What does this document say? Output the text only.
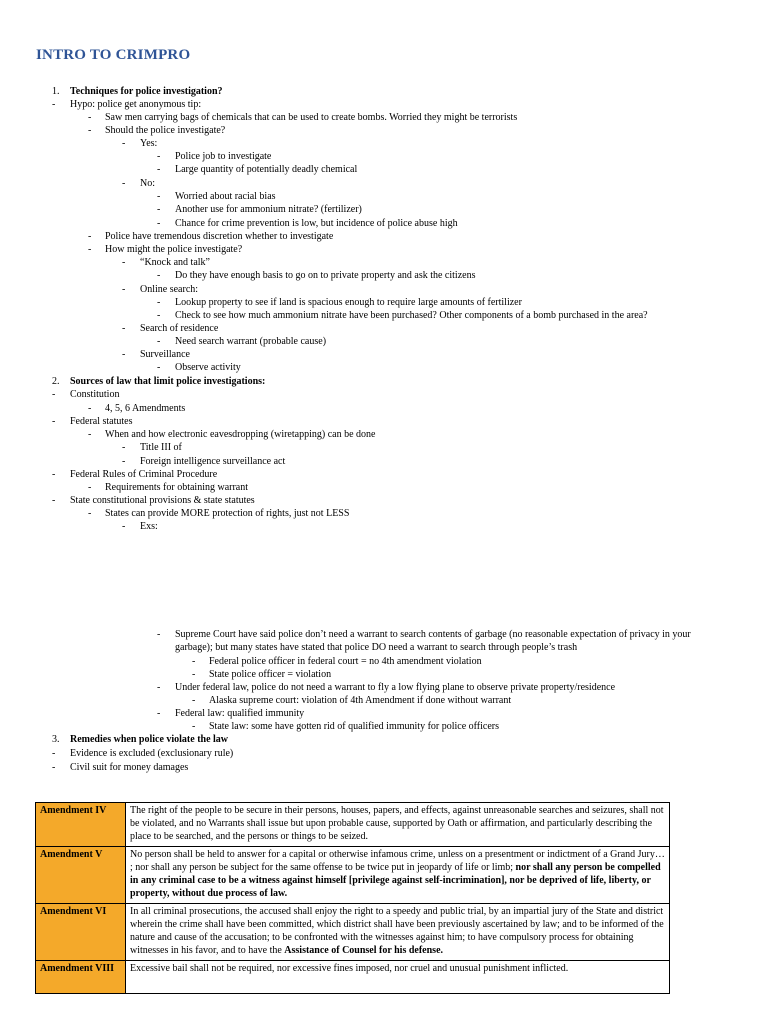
INTRO TO CRIMPRO
1. Techniques for police investigation?
- Hypo: police get anonymous tip:
- Saw men carrying bags of chemicals that can be used to create bombs. Worried they might be terrorists
- Should the police investigate?
- Yes:
- Police job to investigate
- Large quantity of potentially deadly chemical
- No:
- Worried about racial bias
- Another use for ammonium nitrate? (fertilizer)
- Chance for crime prevention is low, but incidence of police abuse high
- Police have tremendous discretion whether to investigate
- How might the police investigate?
- “Knock and talk”
- Do they have enough basis to go on to private property and ask the citizens
- Online search:
- Lookup property to see if land is spacious enough to require large amounts of fertilizer
- Check to see how much ammonium nitrate have been purchased? Other components of a bomb purchased in the area?
- Search of residence
- Need search warrant (probable cause)
- Surveillance
- Observe activity
2. Sources of law that limit police investigations:
- Constitution
- 4, 5, 6 Amendments
- Federal statutes
- When and how electronic eavesdropping (wiretapping) can be done
- Title III of
- Foreign intelligence surveillance act
- Federal Rules of Criminal Procedure
- Requirements for obtaining warrant
- State constitutional provisions & state statutes
- States can provide MORE protection of rights, just not LESS
- Exs:
- Supreme Court have said police don’t need a warrant to search contents of garbage (no reasonable expectation of privacy in your garbage); but many states have stated that police DO need a warrant to search through people’s trash
- Federal police officer in federal court = no 4th amendment violation
- State police officer = violation
- Under federal law, police do not need a warrant to fly a low flying plane to observe private property/residence
- Alaska supreme court: violation of 4th Amendment if done without warrant
- Federal law: qualified immunity
- State law: some have gotten rid of qualified immunity for police officers
3. Remedies when police violate the law
- Evidence is excluded (exclusionary rule)
- Civil suit for money damages
Amendment IV	The right of the people to be secure in their persons, houses, papers, and effects, against unreasonable searches and seizures, shall not be violated, and no Warrants shall issue but upon probable cause, supported by Oath or affirmation, and particularly describing the place to be searched, and the persons or things to be seized.
Amendment V	No person shall be held to answer for a capital or otherwise infamous crime, unless on a presentment or indictment of a Grand Jury… ; nor shall any person be subject for the same offense to be twice put in jeopardy of life or limb; nor shall any person be compelled in any criminal case to be a witness against himself [privilege against self-incrimination], nor be deprived of life, liberty, or property, without due process of law.
Amendment VI	In all criminal prosecutions, the accused shall enjoy the right to a speedy and public trial, by an impartial jury of the State and district wherein the crime shall have been committed, which district shall have been previously ascertained by law; and to be informed of the nature and cause of the accusation; to be confronted with the witnesses against him; to have compulsory process for obtaining witnesses in his favor, and to have the Assistance of Counsel for his defense.
Amendment VIII	Excessive bail shall not be required, nor excessive fines imposed, nor cruel and unusual punishment inflicted.
